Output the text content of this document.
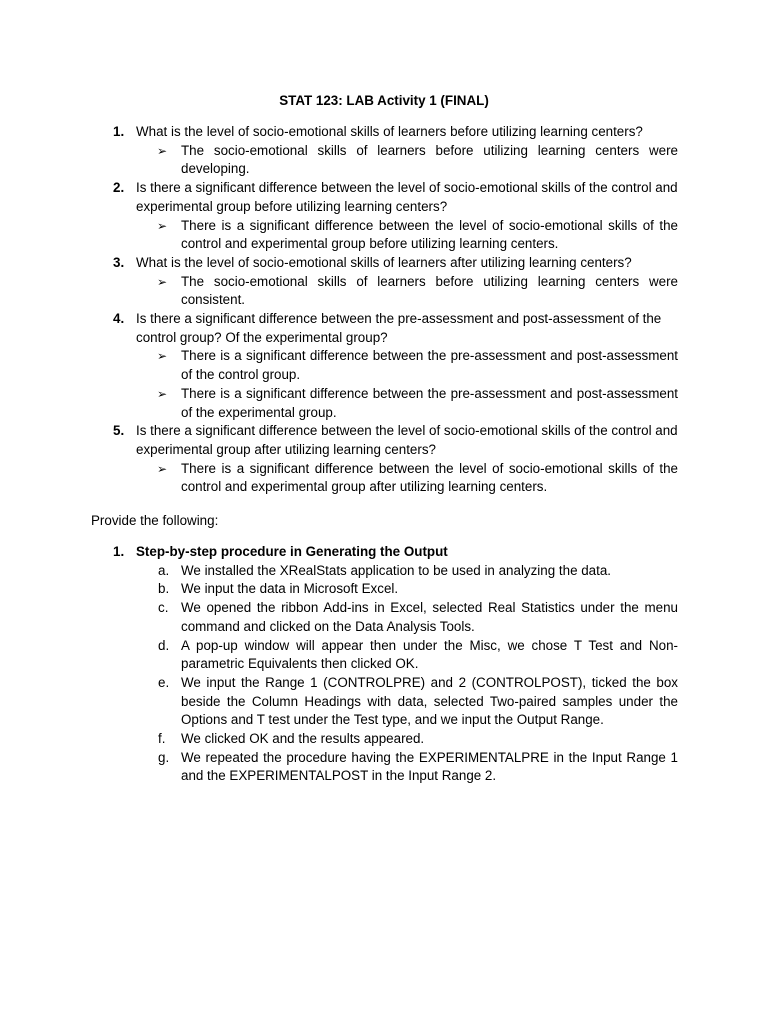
STAT 123: LAB Activity 1 (FINAL)
1. What is the level of socio-emotional skills of learners before utilizing learning centers?
➢ The socio-emotional skills of learners before utilizing learning centers were developing.
2. Is there a significant difference between the level of socio-emotional skills of the control and experimental group before utilizing learning centers?
➢ There is a significant difference between the level of socio-emotional skills of the control and experimental group before utilizing learning centers.
3. What is the level of socio-emotional skills of learners after utilizing learning centers?
➢ The socio-emotional skills of learners before utilizing learning centers were consistent.
4. Is there a significant difference between the pre-assessment and post-assessment of the control group? Of the experimental group?
➢ There is a significant difference between the pre-assessment and post-assessment of the control group.
➢ There is a significant difference between the pre-assessment and post-assessment of the experimental group.
5. Is there a significant difference between the level of socio-emotional skills of the control and experimental group after utilizing learning centers?
➢ There is a significant difference between the level of socio-emotional skills of the control and experimental group after utilizing learning centers.
Provide the following:
1. Step-by-step procedure in Generating the Output
a. We installed the XRealStats application to be used in analyzing the data.
b. We input the data in Microsoft Excel.
c. We opened the ribbon Add-ins in Excel, selected Real Statistics under the menu command and clicked on the Data Analysis Tools.
d. A pop-up window will appear then under the Misc, we chose T Test and Non-parametric Equivalents then clicked OK.
e. We input the Range 1 (CONTROLPRE) and 2 (CONTROLPOST), ticked the box beside the Column Headings with data, selected Two-paired samples under the Options and T test under the Test type, and we input the Output Range.
f. We clicked OK and the results appeared.
g. We repeated the procedure having the EXPERIMENTALPRE in the Input Range 1 and the EXPERIMENTALPOST in the Input Range 2.
